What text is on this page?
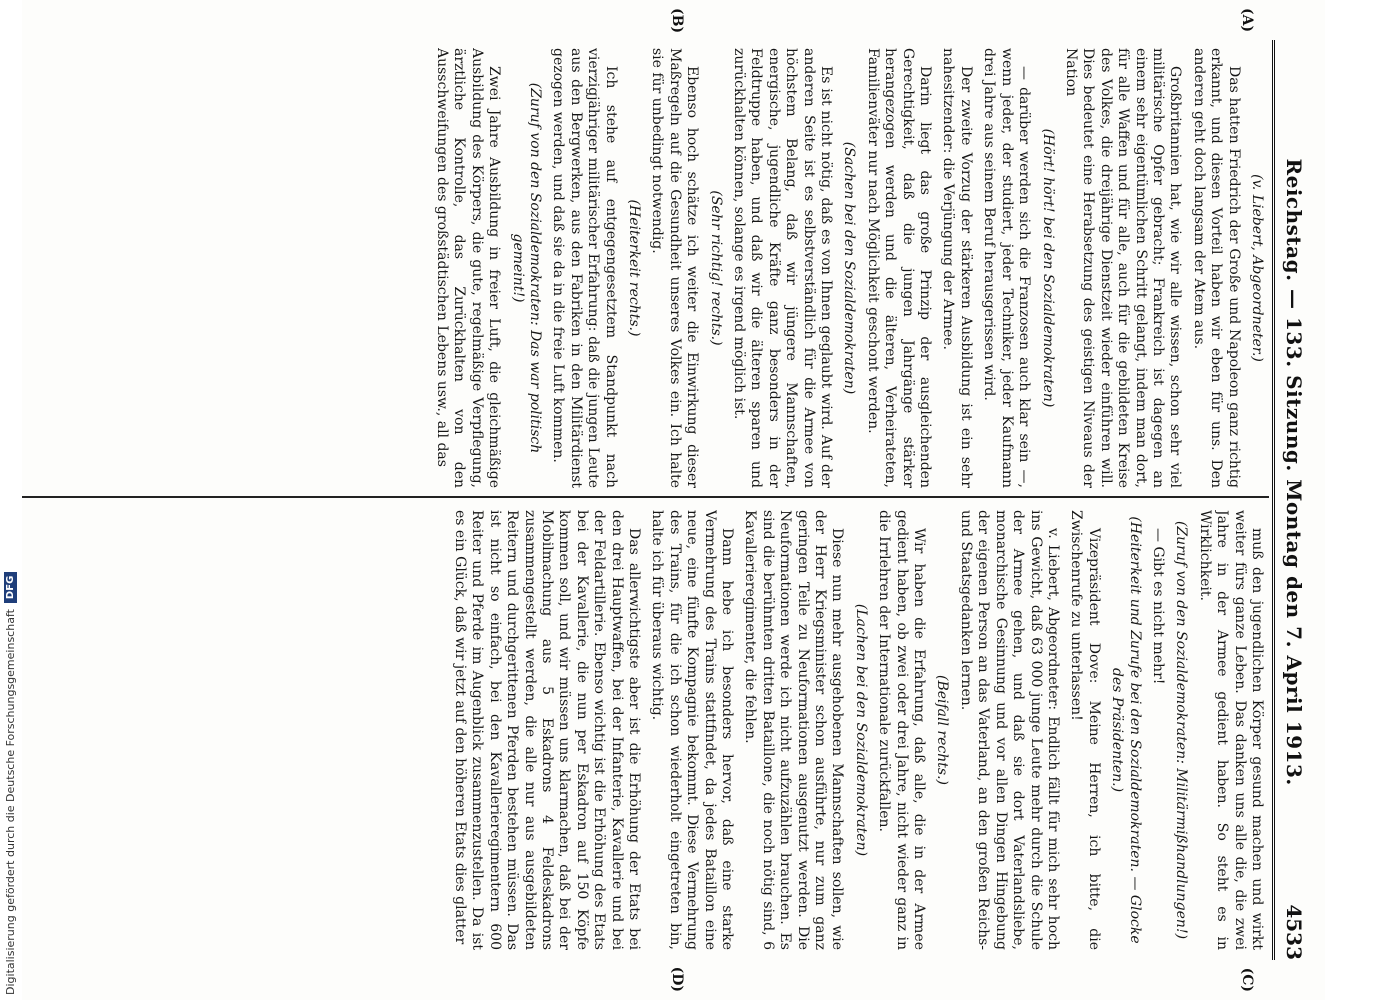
Reichstag. — 133. Sitzung. Montag den 7. April 1913.
4533

(v. Liebert, Abgeordneter.)

Das hatten Friedrich der Große und Napoleon ganz richtig erkannt, und diesen Vorteil haben wir eben für uns. Den anderen geht doch langsam der Atem aus.

Großbritannien hat, wie wir alle wissen, schon sehr viel militärische Opfer gebracht; Frankreich ist dagegen an einem sehr eigentümlichen Schritt gelangt, indem man dort, für alle Waffen und für alle, auch für die gebildeten Kreise des Volkes, die dreijährige Dienstzeit wieder einführen will. Dies bedeutet eine Herabsetzung des geistigen Niveaus der Nation

(Hört! hört! bei den Sozialdemokraten)

— darüber werden sich die Franzosen auch klar sein —, wenn jeder, der studiert, jeder Techniker, jeder Kaufmann drei Jahre aus seinem Beruf herausgerissen wird.

Der zweite Vorzug der stärkeren Ausbildung ist ein sehr nahesitzender: die Verjüngung der Armee.

Darin liegt das große Prinzip der ausgleichenden Gerechtigkeit, daß die jungen Jahrgänge stärker herangezogen werden und die älteren, Verheirateten, Familienväter nur nach Möglichkeit geschont werden.

(Sachen bei den Sozialdemokraten)

Es ist nicht nötig, daß es von Ihnen geglaubt wird. Auf der anderen Seite ist es selbstverständlich für die Armee von höchstem Belang, daß wir jüngere Mannschaften, energische, jugendliche Kräfte ganz besonders in der Feldtruppe haben, und daß wir die älteren sparen und zurückhalten können, solange es irgend möglich ist.

(Sehr richtig! rechts.)

Ebenso hoch schätze ich weiter die Einwirkung dieser Maßregeln auf die Gesundheit unseres Volkes ein. Ich halte sie für unbedingt notwendig.

(Heiterkeit rechts.)

Ich stehe auf entgegengesetztem Standpunkt nach vierzigjähriger militärischer Erfahrung: daß die jungen Leute aus den Bergwerken, aus den Fabriken in den Militärdienst gezogen werden, und daß sie da in die freie Luft kommen.

(Zuruf von den Sozialdemokraten: Das war politisch gemeint!)

Zwei Jahre Ausbildung in freier Luft, die gleichmäßige Ausbildung des Körpers, die gute, regelmäßige Verpflegung, ärztliche Kontrolle, das Zurückhalten von den Ausschweifungen des großstädtischen Lebens usw., all das

muß den jugendlichen Körper gesund machen und wirkt weiter fürs ganze Leben. Das danken uns alle die, die zwei Jahre in der Armee gedient haben. So steht es in Wirklichkeit.

(Zuruf von den Sozialdemokraten: Militärmißhandlungen!)

— Gibt es nicht mehr!

(Heiterkeit und Zurufe bei den Sozialdemokraten. — Glocke des Präsidenten.)

Vizepräsident Dove: Meine Herren, ich bitte, die Zwischenrufe zu unterlassen!

v. Liebert, Abgeordneter: Endlich fällt für mich sehr hoch ins Gewicht, daß 63 000 junge Leute mehr durch die Schule der Armee gehen, und daß sie dort Vaterlandsliebe, monarchische Gesinnung und vor allen Dingen Hingebung der eigenen Person an das Vaterland, an den großen Reichs- und Staatsgedanken lernen.

(Beifall rechts.)

Wir haben die Erfahrung, daß alle, die in der Armee gedient haben, ob zwei oder drei Jahre, nicht wieder ganz in die Irrlehren der Internationale zurückfallen.

(Lachen bei den Sozialdemokraten)

Diese nun mehr ausgehobenen Mannschaften sollen, wie der Herr Kriegsminister schon ausführte, nur zum ganz geringen Teile zu Neuformationen ausgenutzt werden. Die Neuformationen werde ich nicht aufzuzählen brauchen. Es sind die berühmten dritten Bataillone, die noch nötig sind, 6 Kavallerieregimenter, die fehlen.

Dann hebe ich besonders hervor, daß eine starke Vermehrung des Trains stattfindet, da jedes Bataillon eine neue, eine fünfte Kompagnie bekommt. Diese Vermehrung des Trains, für die ich schon wiederholt eingetreten bin, halte ich für überaus wichtig.

Das allerwichtigste aber ist die Erhöhung der Etats bei den drei Hauptwaffen, bei der Infanterie, Kavallerie und bei der Feldartillerie. Ebenso wichtig ist die Erhöhung des Etats bei der Kavallerie, die nun per Eskadron auf 150 Köpfe kommen soll, und wir müssen uns klarmachen, daß bei der Mobilmachung aus 5 Eskadrons 4 Feldeskadrons zusammengestellt werden, die alle nur aus ausgebildeten Reitern und durchgerittenen Pferden bestehen müssen. Das ist nicht so einfach, bei den Kavallerieregimentern 600 Reiter und Pferde im Augenblick zusammenzustellen. Da ist es ein Glück, daß wir jetzt auf den höheren Etats dies glatter

(A)
(B)
(C)
(D)
Digitalisierung gefördert durch die Deutsche Forschungsgemeinschaft
DFG
